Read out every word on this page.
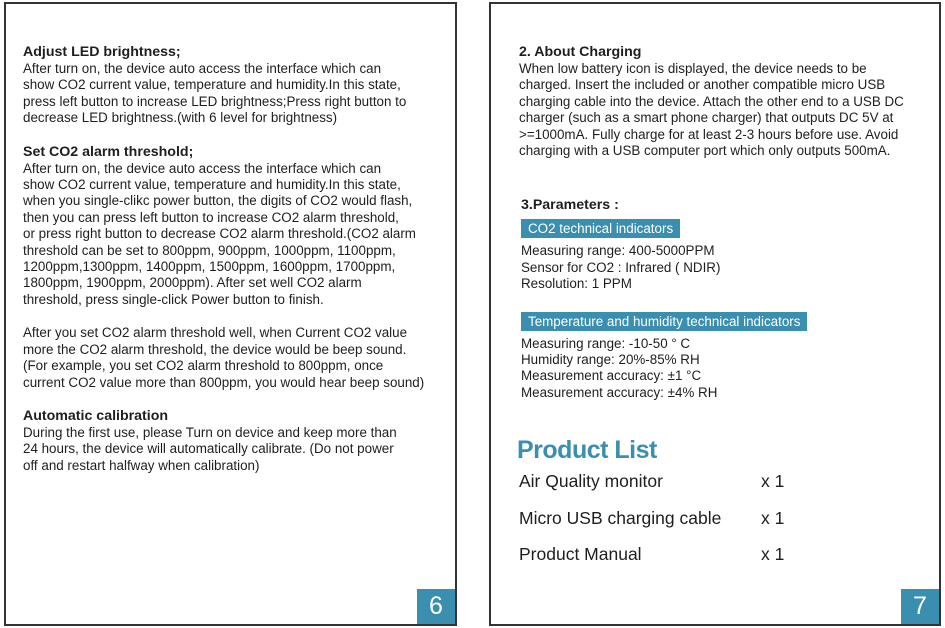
Adjust LED brightness;
After turn on, the device auto access the interface which can
show CO2 current value, temperature and humidity.In this state,
press left button to increase LED brightness;Press right button to
decrease LED brightness.(with 6 level for brightness)
Set CO2 alarm threshold;
After turn on, the device auto access the interface which can
show CO2 current value, temperature and humidity.In this state,
when you single-clikc power button, the digits of CO2 would flash,
then you can press left button to increase CO2 alarm threshold,
or press right button to decrease CO2 alarm threshold.(CO2 alarm
threshold can be set to 800ppm, 900ppm, 1000ppm, 1100ppm,
1200ppm,1300ppm, 1400ppm, 1500ppm, 1600ppm, 1700ppm,
1800ppm, 1900ppm, 2000ppm). After set well CO2 alarm
threshold, press single-click Power button to finish.
After you set CO2 alarm threshold well, when Current CO2 value
more the CO2 alarm threshold, the device would be beep sound.
(For example, you set CO2 alarm threshold to 800ppm, once
current CO2 value more than 800ppm, you would hear beep sound)
Automatic calibration
During the first use, please Turn on device and keep more than
24 hours, the device will automatically calibrate. (Do not power
off and restart halfway when calibration)
6
2. About Charging
When low battery icon is displayed, the device needs to be
charged. Insert the included or another compatible micro USB
charging cable into the device. Attach the other end to a USB DC
charger (such as a smart phone charger) that outputs DC 5V at
>=1000mA. Fully charge for at least 2-3 hours before use. Avoid
charging with a USB computer port which only outputs 500mA.
3.Parameters :
CO2 technical indicators
Measuring range: 400-5000PPM
Sensor for CO2 : Infrared ( NDIR)
Resolution: 1 PPM
Temperature and humidity technical indicators
Measuring range: -10-50 ° C
Humidity range: 20%-85% RH
Measurement accuracy: ±1 °C
Measurement accuracy: ±4% RH
Product List
Air Quality monitor	x 1
Micro USB charging cable x 1
Product Manual	x 1
7
